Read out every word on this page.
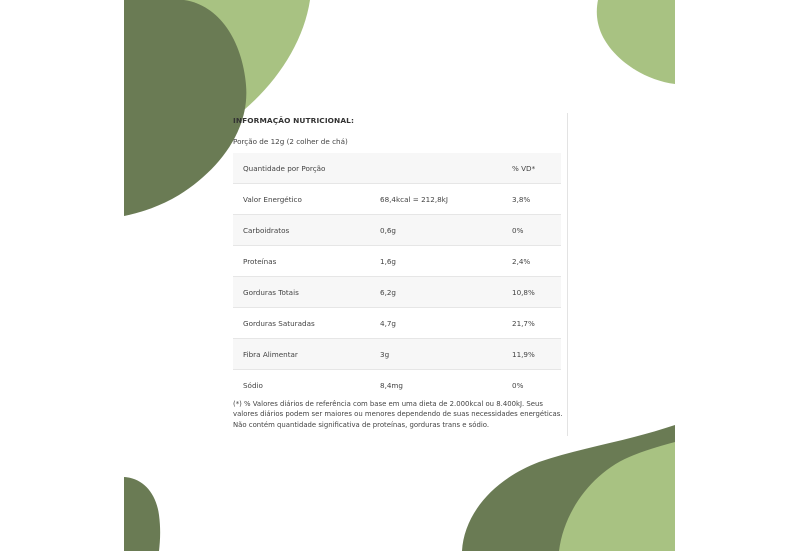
INFORMAÇÃO NUTRICIONAL:
Porção de 12g (2 colher de chá)
Quantidade por Porção		% VD*
Valor Energético	68,4kcal = 212,8kJ	3,8%
Carboidratos	0,6g	0%
Proteínas	1,6g	2,4%
Gorduras Totais	6,2g	10,8%
Gorduras Saturadas	4,7g	21,7%
Fibra Alimentar	3g	11,9%
Sódio	8,4mg	0%
(*) % Valores diários de referência com base em uma dieta de 2.000kcal ou 8.400kJ. Seus valores diários podem ser maiores ou menores dependendo de suas necessidades energéticas. Não contém quantidade significativa de proteínas, gorduras trans e sódio.
